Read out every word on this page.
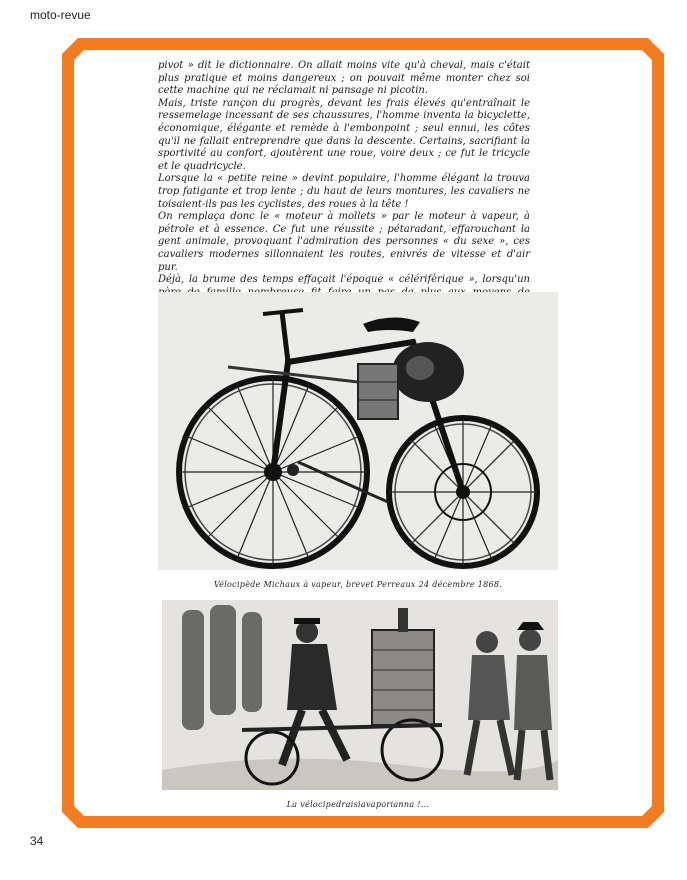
moto-revue

pivot » dit le dictionnaire. On allait moins vite qu'à cheval, mais c'était plus pratique et moins dangereux ; on pouvait même monter chez soi cette machine qui ne réclamait ni pansage ni picotin.

Mais, triste rançon du progrès, devant les frais élevés qu'entraînait le ressemelage incessant de ses chaussures, l'homme inventa la bicyclette, économique, élégante et remède à l'embonpoint ; seul ennui, les côtes qu'il ne fallait entreprendre que dans la descente. Certains, sacrifiant la sportivité au confort, ajoutèrent une roue, voire deux ; ce fut le tricycle et le quadricycle.

Lorsque la « petite reine » devint populaire, l'homme élégant la trouva trop fatigante et trop lente ; du haut de leurs montures, les cavaliers ne toisaient-ils pas les cyclistes, des roues à la tête !

On remplaça donc le « moteur à mollets » par le moteur à vapeur, à pétrole et à essence. Ce fut une réussite ; pétaradant, effarouchant la gent animale, provoquant l'admiration des personnes « du sexe », ces cavaliers modernes sillonnaient les routes, enivrés de vitesse et d'air pur.

Déjà, la brume des temps effaçait l'époque « célérifèrique », lorsqu'un

Vélocipède Michaux à vapeur, brevet Perreaux 24 décembre 1868.
La vélocipedraisiavaporianna !...
34
